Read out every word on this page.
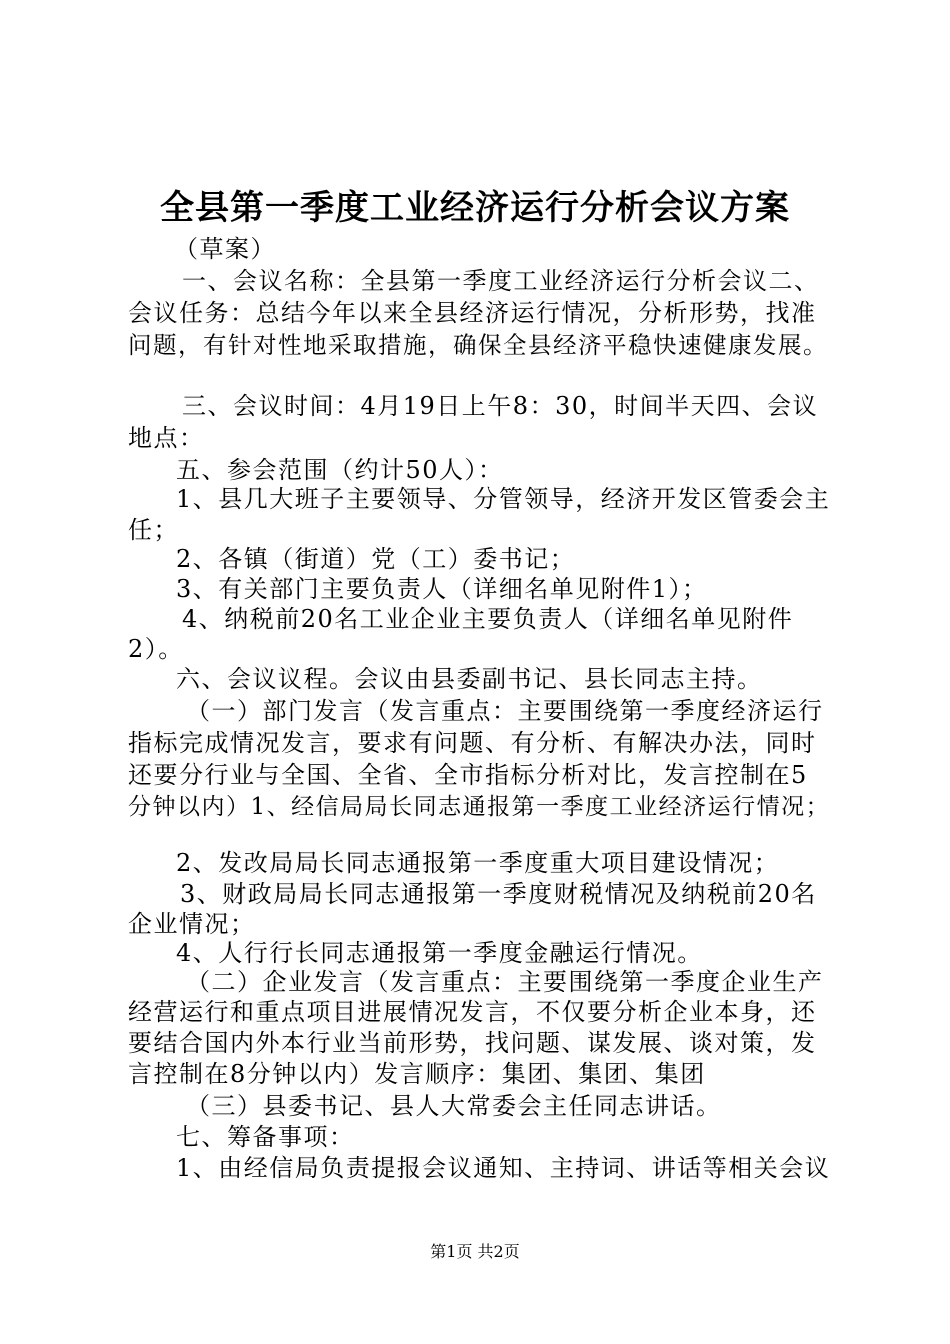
全县第一季度工业经济运行分析会议方案
（草案）
一、会议名称：全县第一季度工业经济运行分析会议二、
会议任务：总结今年以来全县经济运行情况，分析形势，找准
问题，有针对性地采取措施，确保全县经济平稳快速健康发展。
三、会议时间：4月19日上午8：30，时间半天四、会议
地点：
五、参会范围（约计50人）：
1、县几大班子主要领导、分管领导，经济开发区管委会主
任；
2、各镇（街道）党（工）委书记；
3、有关部门主要负责人（详细名单见附件1）；
4、纳税前20名工业企业主要负责人（详细名单见附件
2）。
六、会议议程。会议由县委副书记、县长同志主持。
（一）部门发言（发言重点：主要围绕第一季度经济运行
指标完成情况发言，要求有问题、有分析、有解决办法，同时
还要分行业与全国、全省、全市指标分析对比，发言控制在5
分钟以内）1、经信局局长同志通报第一季度工业经济运行情况；
2、发改局局长同志通报第一季度重大项目建设情况；
3、财政局局长同志通报第一季度财税情况及纳税前20名
企业情况；
4、人行行长同志通报第一季度金融运行情况。
（二）企业发言（发言重点：主要围绕第一季度企业生产
经营运行和重点项目进展情况发言，不仅要分析企业本身，还
要结合国内外本行业当前形势，找问题、谋发展、谈对策，发
言控制在8分钟以内）发言顺序：集团、集团、集团
（三）县委书记、县人大常委会主任同志讲话。
七、筹备事项：
1、由经信局负责提报会议通知、主持词、讲话等相关会议
第1页 共2页
